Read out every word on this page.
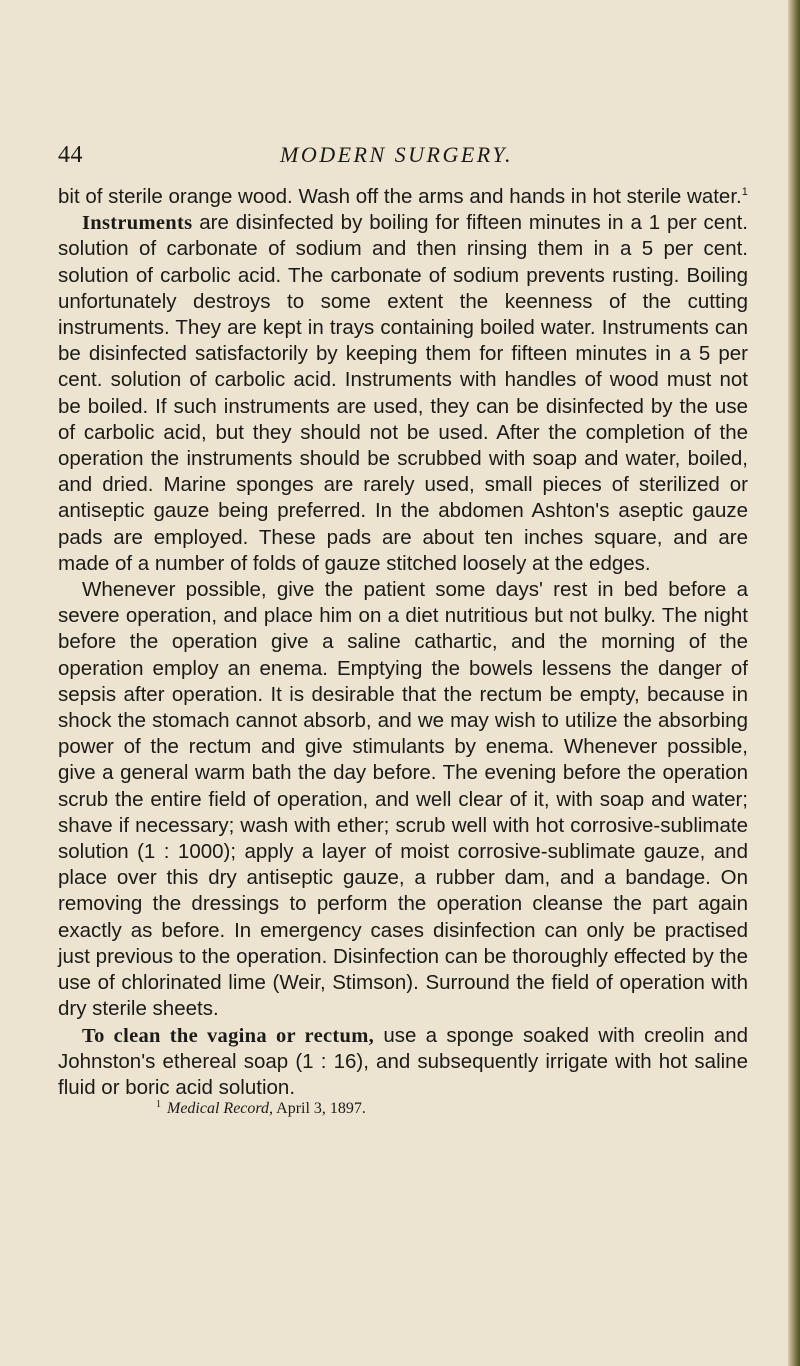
44	MODERN SURGERY.

bit of sterile orange wood. Wash off the arms and hands in hot sterile water.$^1$

Instruments are disinfected by boiling for fifteen minutes in a 1 per cent. solution of carbonate of sodium and then rinsing them in a 5 per cent. solution of carbolic acid. The carbonate of sodium prevents rusting. Boiling unfortunately destroys to some extent the keenness of the cutting instruments. They are kept in trays containing boiled water. Instruments can be disinfected satisfactorily by keeping them for fifteen minutes in a 5 per cent. solution of carbolic acid. Instruments with handles of wood must not be boiled. If such instruments are used, they can be disinfected by the use of carbolic acid, but they should not be used. After the completion of the operation the instruments should be scrubbed with soap and water, boiled, and dried. Marine sponges are rarely used, small pieces of sterilized or antiseptic gauze being preferred. In the abdomen Ashton's aseptic gauze pads are employed. These pads are about ten inches square, and are made of a number of folds of gauze stitched loosely at the edges.

Whenever possible, give the patient some days' rest in bed before a severe operation, and place him on a diet nutritious but not bulky. The night before the operation give a saline cathartic, and the morning of the operation employ an enema. Emptying the bowels lessens the danger of sepsis after operation. It is desirable that the rectum be empty, because in shock the stomach cannot absorb, and we may wish to utilize the absorbing power of the rectum and give stimulants by enema. Whenever possible, give a general warm bath the day before. The evening before the operation scrub the entire field of operation, and well clear of it, with soap and water; shave if necessary; wash with ether; scrub well with hot corrosive-sublimate solution (1 : 1000); apply a layer of moist corrosive-sublimate gauze, and place over this dry antiseptic gauze, a rubber dam, and a bandage. On removing the dressings to perform the operation cleanse the part again exactly as before. In emergency cases disinfection can only be practised just previous to the operation. Disinfection can be thoroughly effected by the use of chlorinated lime (Weir, Stimson). Surround the field of operation with dry sterile sheets.

To clean the vagina or rectum, use a sponge soaked with creolin and Johnston's ethereal soap (1 : 16), and subsequently irrigate with hot saline fluid or boric acid solution.

$^1$ Medical Record, April 3, 1897.
